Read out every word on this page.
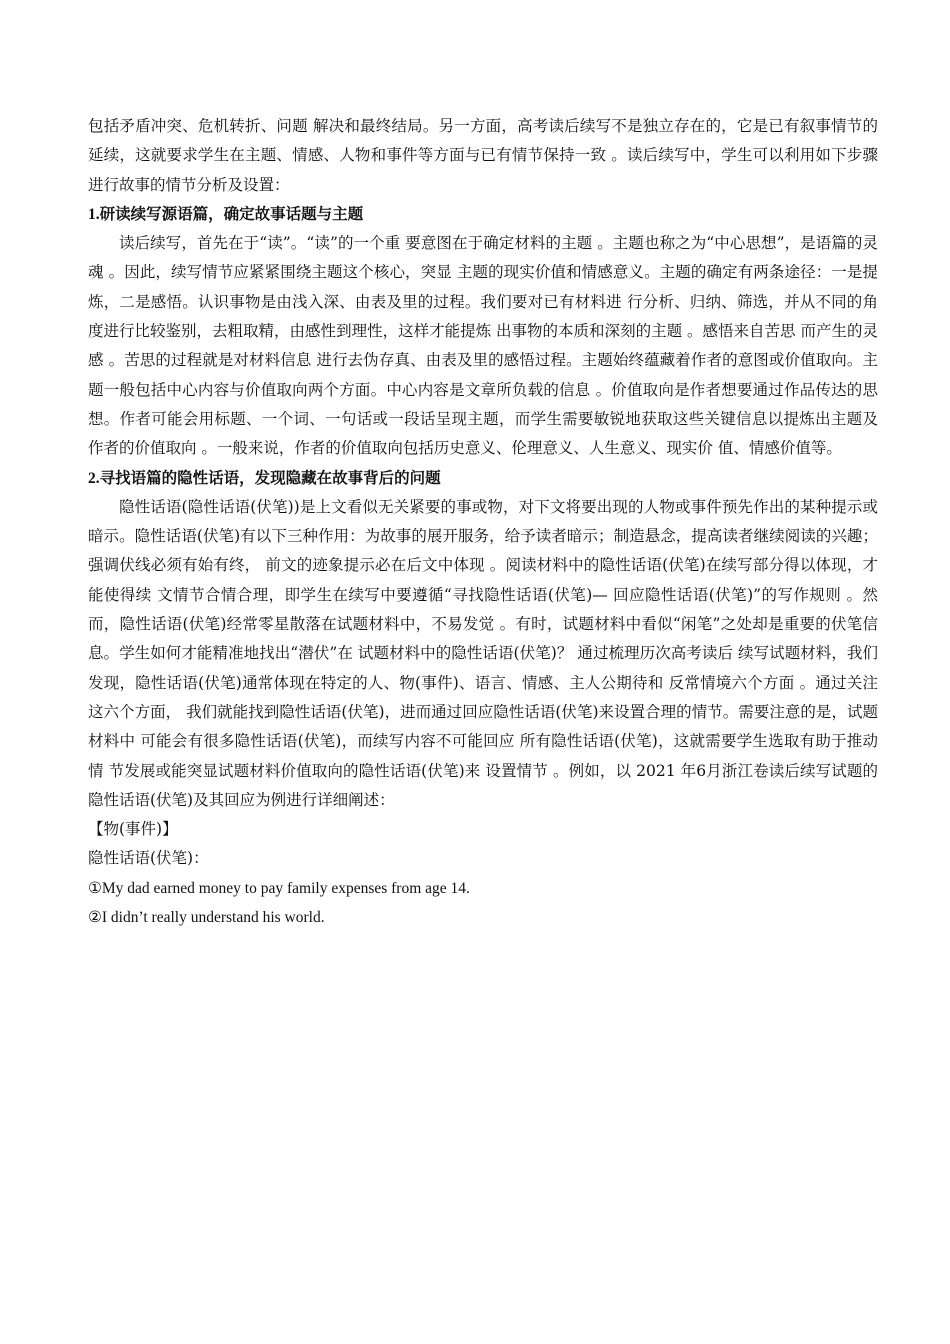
包括矛盾冲突、危机转折、问题 解决和最终结局。另一方面，高考读后续写不是独立存在的，它是已有叙事情节的延续，这就要求学生在主题、情感、人物和事件等方面与已有情节保持一致 。读后续写中，学生可以利用如下步骤进行故事的情节分析及设置：

1.研读续写源语篇，确定故事话题与主题

读后续写，首先在于“读”。“读”的一个重 要意图在于确定材料的主题 。主题也称之为“中心思想”，是语篇的灵魂 。因此，续写情节应紧紧围绕主题这个核心，突显 主题的现实价值和情感意义。主题的确定有两条途径：一是提炼，二是感悟。认识事物是由浅入深、由表及里的过程。我们要对已有材料进 行分析、归纳、筛选，并从不同的角度进行比较鉴别，去粗取精，由感性到理性，这样才能提炼 出事物的本质和深刻的主题 。感悟来自苦思 而产生的灵感 。苦思的过程就是对材料信息 进行去伪存真、由表及里的感悟过程。主题始终蕴藏着作者的意图或价值取向。主题一般包括中心内容与价值取向两个方面。中心内容是文章所负载的信息 。价值取向是作者想要通过作品传达的思想。作者可能会用标题、一个词、一句话或一段话呈现主题，而学生需要敏锐地获取这些关键信息以提炼出主题及作者的价值取向 。一般来说，作者的价值取向包括历史意义、伦理意义、人生意义、现实价 值、情感价值等。

2.寻找语篇的隐性话语，发现隐藏在故事背后的问题

隐性话语(隐性话语(伏笔))是上文看似无关紧要的事或物，对下文将要出现的人物或事件预先作出的某种提示或暗示。隐性话语(伏笔)有以下三种作用：为故事的展开服务，给予读者暗示；制造悬念，提高读者继续阅读的兴趣；强调伏线必须有始有终， 前文的迹象提示必在后文中体现 。阅读材料中的隐性话语(伏笔)在续写部分得以体现，才能使得续 文情节合情合理，即学生在续写中要遵循“寻找隐性话语(伏笔)— 回应隐性话语(伏笔)”的写作规则 。然而，隐性话语(伏笔)经常零星散落在试题材料中，不易发觉 。有时，试题材料中看似“闲笔”之处却是重要的伏笔信息。学生如何才能精准地找出“潜伏”在 试题材料中的隐性话语(伏笔)？ 通过梳理历次高考读后 续写试题材料，我们发现，隐性话语(伏笔)通常体现在特定的人、物(事件)、语言、情感、主人公期待和 反常情境六个方面 。通过关注这六个方面， 我们就能找到隐性话语(伏笔)，进而通过回应隐性话语(伏笔)来设置合理的情节。需要注意的是，试题材料中 可能会有很多隐性话语(伏笔)，而续写内容不可能回应 所有隐性话语(伏笔)，这就需要学生选取有助于推动情 节发展或能突显试题材料价值取向的隐性话语(伏笔)来 设置情节 。例如，以 2021 年6月浙江卷读后续写试题的隐性话语(伏笔)及其回应为例进行详细阐述：

【物(事件)】

隐性话语(伏笔)：

①My dad earned money to pay family expenses from age 14.

②I didn’t really understand his world.
